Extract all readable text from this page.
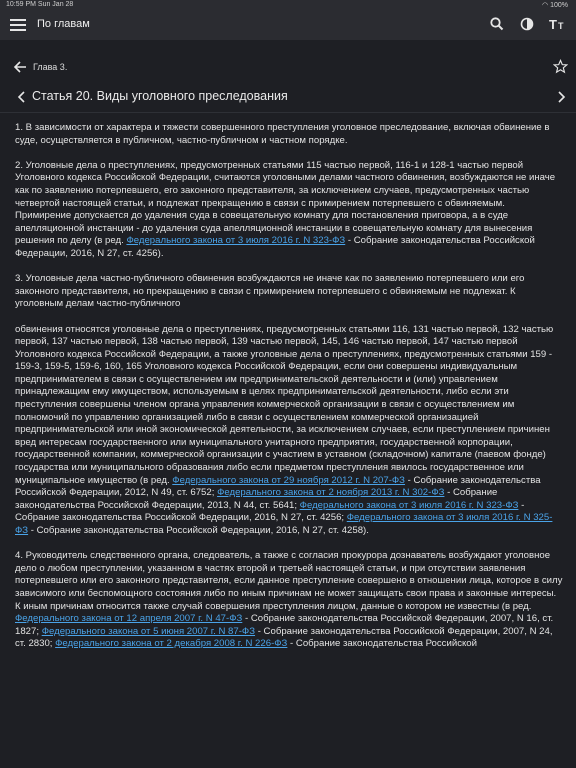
10:59 PM Sun Jan 28	◠ 100%
По главам	T T
Глава 3.
Статья 20. Виды уголовного преследования

1. В зависимости от характера и тяжести совершенного преступления уголовное преследование, включая обвинение в суде, осуществляется в публичном, частно-публичном и частном порядке.

2. Уголовные дела о преступлениях, предусмотренных статьями 115 частью первой, 116-1 и 128-1 частью первой Уголовного кодекса Российской Федерации, считаются уголовными делами частного обвинения, возбуждаются не иначе как по заявлению потерпевшего, его законного представителя, за исключением случаев, предусмотренных частью четвертой настоящей статьи, и подлежат прекращению в связи с примирением потерпевшего с обвиняемым. Примирение допускается до удаления суда в совещательную комнату для постановления приговора, а в суде апелляционной инстанции - до удаления суда апелляционной инстанции в совещательную комнату для вынесения решения по делу (в ред. Федерального закона от 3 июля 2016 г. N 323-ФЗ - Собрание законодательства Российской Федерации, 2016, N 27, ст. 4256).

3. Уголовные дела частно-публичного обвинения возбуждаются не иначе как по заявлению потерпевшего или его законного представителя, но прекращению в связи с примирением потерпевшего с обвиняемым не подлежат. К уголовным делам частно-публичного

обвинения относятся уголовные дела о преступлениях, предусмотренных статьями 116, 131 частью первой, 132 частью первой, 137 частью первой, 138 частью первой, 139 частью первой, 145, 146 частью первой, 147 частью первой Уголовного кодекса Российской Федерации, а также уголовные дела о преступлениях, предусмотренных статьями 159 - 159-3, 159-5, 159-6, 160, 165 Уголовного кодекса Российской Федерации, если они совершены индивидуальным предпринимателем в связи с осуществлением им предпринимательской деятельности и (или) управлением принадлежащим ему имуществом, используемым в целях предпринимательской деятельности, либо если эти преступления совершены членом органа управления коммерческой организации в связи с осуществлением им полномочий по управлению организацией либо в связи с осуществлением коммерческой организацией предпринимательской или иной экономической деятельности, за исключением случаев, если преступлением причинен вред интересам государственного или муниципального унитарного предприятия, государственной корпорации, государственной компании, коммерческой организации с участием в уставном (складочном) капитале (паевом фонде) государства или муниципального образования либо если предметом преступления явилось государственное или муниципальное имущество (в ред. Федерального закона от 29 ноября 2012 г. N 207-ФЗ - Собрание законодательства Российской Федерации, 2012, N 49, ст. 6752; Федерального закона от 2 ноября 2013 г. N 302-ФЗ - Собрание законодательства Российской Федерации, 2013, N 44, ст. 5641; Федерального закона от 3 июля 2016 г. N 323-ФЗ - Собрание законодательства Российской Федерации, 2016, N 27, ст. 4256; Федерального закона от 3 июля 2016 г. N 325-ФЗ - Собрание законодательства Российской Федерации, 2016, N 27, ст. 4258).

4. Руководитель следственного органа, следователь, а также с согласия прокурора дознаватель возбуждают уголовное дело о любом преступлении, указанном в частях второй и третьей настоящей статьи, и при отсутствии заявления потерпевшего или его законного представителя, если данное преступление совершено в отношении лица, которое в силу зависимого или беспомощного состояния либо по иным причинам не может защищать свои права и законные интересы. К иным причинам относится также случай совершения преступления лицом, данные о котором не известны (в ред. Федерального закона от 12 апреля 2007 г. N 47-ФЗ - Собрание законодательства Российской Федерации, 2007, N 16, ст. 1827; Федерального закона от 5 июня 2007 г. N 87-ФЗ - Собрание законодательства Российской Федерации, 2007, N 24, ст. 2830; Федерального закона от 2 декабря 2008 г. N 226-ФЗ - Собрание законодательства Российской
